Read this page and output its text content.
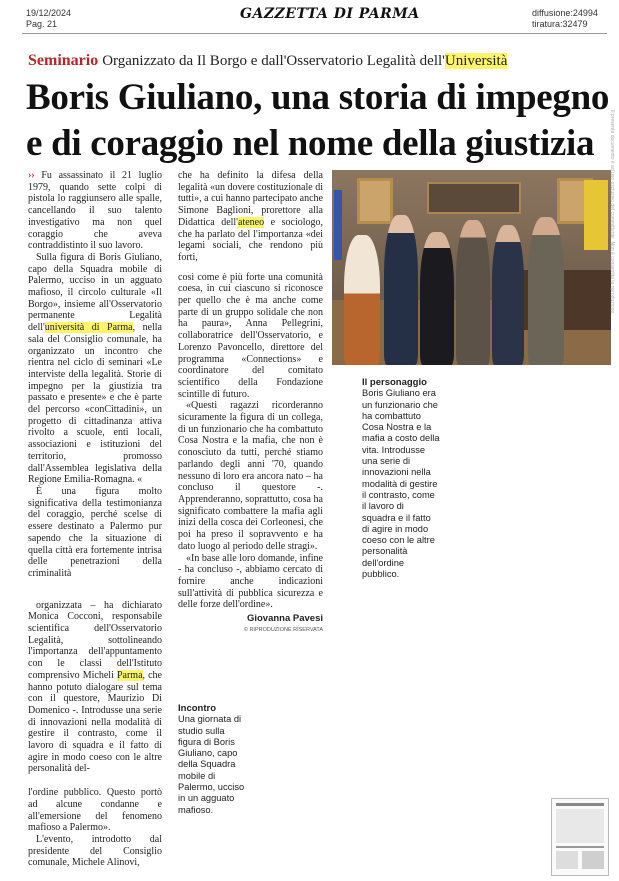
19/12/2024
Pag. 21
GAZZETTA DI PARMA	diffusione:24994
tiratura:32479
Seminario Organizzato da Il Borgo e dall'Osservatorio Legalità dell'Università
Boris Giuliano, una storia di impegno
e di coraggio nel nome della giustizia

›› Fu assassinato il 21 luglio 1979, quando sette colpi di pistola lo raggiunsero alle spalle, cancellando il suo talento investigativo ma non quel coraggio che aveva contraddistinto il suo lavoro.

Sulla figura di Boris Giuliano, capo della Squadra mobile di Palermo, ucciso in un agguato mafioso, il circolo culturale «Il Borgo», insieme all'Osservatorio permanente Legalità dell'università di Parma, nella sala del Consiglio comunale, ha organizzato un incontro che rientra nel ciclo di seminari «Le interviste della legalità. Storie di impegno per la giustizia tra passato e presente» e che è parte del percorso «conCittadini», un progetto di cittadinanza attiva rivolto a scuole, enti locali, associazioni e istituzioni del territorio, promosso dall'Assemblea legislativa della Regione Emilia-Romagna. «

È una figura molto significativa della testimonianza del coraggio, perché scelse di essere destinato a Palermo pur sapendo che la situazione di quella città era fortemente intrisa delle penetrazioni della criminalità

organizzata – ha dichiarato Monica Cocconi, responsabile scientifica dell'Osservatorio Legalità, sottolineando l'importanza dell'appuntamento con le classi dell'Istituto comprensivo Micheli Parma, che hanno potuto dialogare sul tema con il questore, Maurizio Di Domenico -. Introdusse una serie di innovazioni nella modalità di gestire il contrasto, come il lavoro di squadra e il fatto di agire in modo coeso con le altre personalità del-

l'ordine pubblico. Questo portò ad alcune condanne e all'emersione del fenomeno mafioso a Palermo».

L'evento, introdotto dal presidente del Consiglio comunale, Michele Alinovi,

che ha definito la difesa della legalità «un dovere costituzionale di tutti», a cui hanno partecipato anche Simone Baglioni, prorettore alla Didattica dell'ateneo e sociologo, che ha parlato del l'importanza «dei legami sociali, che rendono più forti,

così come è più forte una comunità coesa, in cui ciascuno si riconosce per quello che è ma anche come parte di un gruppo solidale che non ha paura», Anna Pellegrini, collaboratrice dell'Osservatorio, e Lorenzo Pavoncello, direttore del programma «Connections» e coordinatore del comitato scientifico della Fondazione scintille di futuro.

«Questi ragazzi ricorderanno sicuramente la figura di un collega, di un funzionario che ha combattuto Cosa Nostra e la mafia, che non è conosciuto da tutti, perché stiamo parlando degli anni '70, quando nessuno di loro era ancora nato – ha concluso il questore -. Apprenderanno, soprattutto, cosa ha significato combattere la mafia agli inizi della cosca dei Corleonesi, che poi ha preso il sopravvento e ha dato luogo al periodo delle stragi».

«In base alle loro domande, infine - ha concluso -, abbiamo cercato di fornire anche indicazioni sull'attività di pubblica sicurezza e delle forze dell'ordine».

Giovanna Pavesi

© RIPRODUZIONE RISERVATA

Il personaggio
Boris Giuliano era un funzionario che ha combattuto Cosa Nostra e la mafia a costo della vita. Introdusse una serie di innovazioni nella modalità di gestire il contrasto, come il lavoro di squadra e il fatto di agire in modo coeso con le altre personalità dell'ordine pubblico.
Incontro
Una giornata di studio sulla figura di Boris Giuliano, capo della Squadra mobile di Palermo, ucciso in un agguato mafioso.
Il presente documento è ad uso esclusivo del committente. Non è consentita la riproduzione.
